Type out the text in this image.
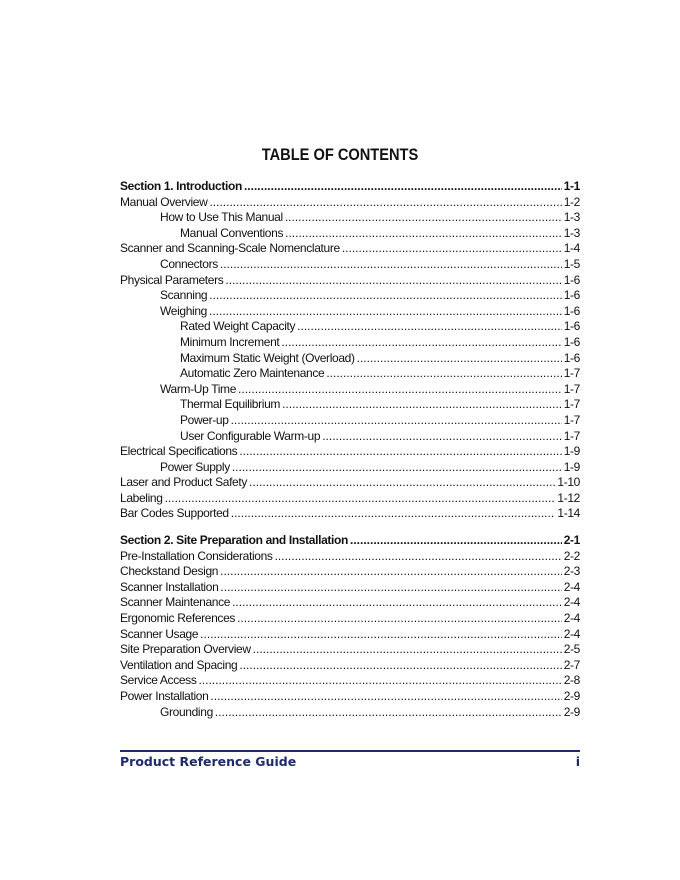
TABLE OF CONTENTS
Section 1. Introduction .....	1-1
Manual Overview .....	1-2
How to Use This Manual .....	1-3
Manual Conventions .....	1-3
Scanner and Scanning-Scale Nomenclature .....	1-4
Connectors .....	1-5
Physical Parameters .....	1-6
Scanning .....	1-6
Weighing .....	1-6
Rated Weight Capacity .....	1-6
Minimum Increment .....	1-6
Maximum Static Weight (Overload) .....	1-6
Automatic Zero Maintenance .....	1-7
Warm-Up Time .....	1-7
Thermal Equilibrium .....	1-7
Power-up .....	1-7
User Configurable Warm-up .....	1-7
Electrical Specifications .....	1-9
Power Supply .....	1-9
Laser and Product Safety .....	1-10
Labeling .....	1-12
Bar Codes Supported .....	1-14
Section 2. Site Preparation and Installation .....	2-1
Pre-Installation Considerations .....	2-2
Checkstand Design .....	2-3
Scanner Installation .....	2-4
Scanner Maintenance .....	2-4
Ergonomic References .....	2-4
Scanner Usage .....	2-4
Site Preparation Overview .....	2-5
Ventilation and Spacing .....	2-7
Service Access .....	2-8
Power Installation .....	2-9
Grounding .....	2-9
Product Reference Guide	i
